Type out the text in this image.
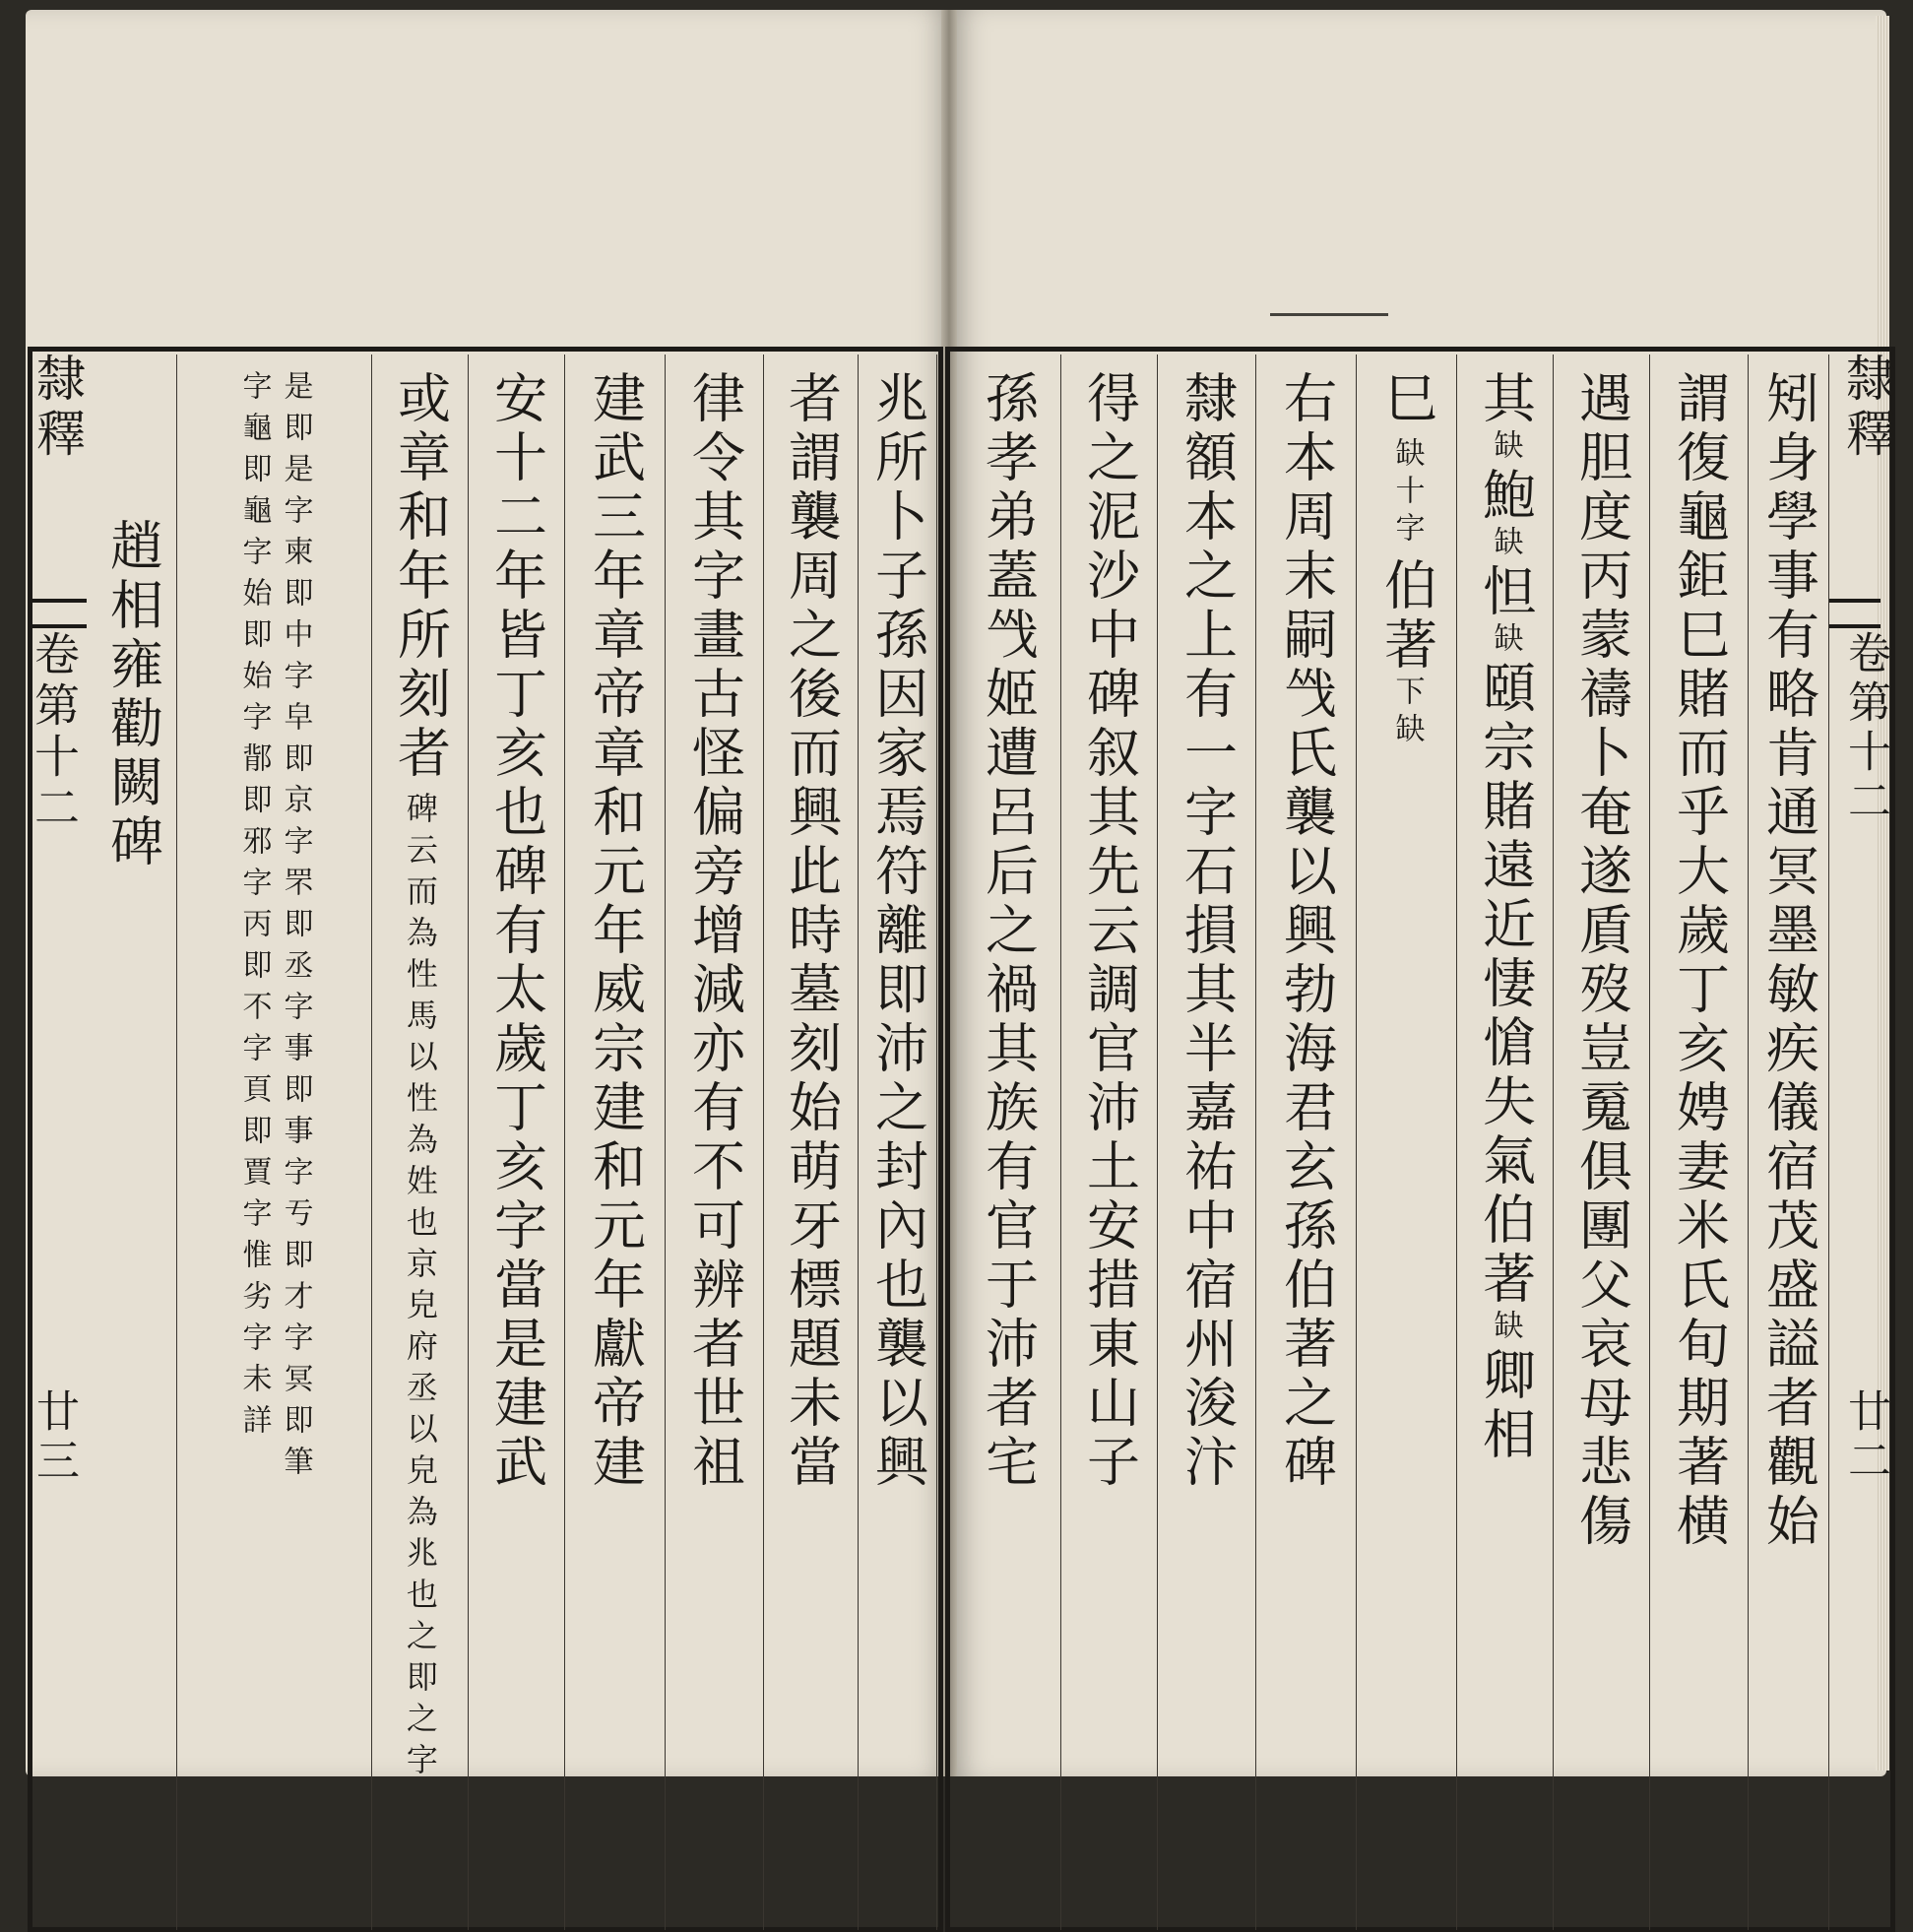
隸釋
卷第十二
廿三	兆所卜子孫因家焉符離即沛之封內也襲以興
者謂襲周之後而興此時墓刻始萌牙標題未當
律令其字畫古怪偏旁增減亦有不可辨者世祖
建武三年章帝章和元年威宗建和元年獻帝建
安十二年皆丁亥也碑有太歲丁亥字當是建武
或章和年所刻者
碑云而為性馬以性為姓也京皃府丞以皃為兆也之即之字
是即是字柬即中字皁即京字罘即丞字事即事字亐即才字冥即筆字龜即龜字始即始字鄁即邪字丙即不字頁即賈字惟劣字未詳
趙相雍勸闕碑
隸釋
卷第十二
廿二
矧身學事有略肯通冥墨敏疾儀宿茂盛謚者觀始
謂復龜鉅巳賭而乎大歲丁亥娉妻米氏旬期著横
遇胆度丙蒙禱卜奄遂貭歿豈䰟俱團父哀母悲傷
其
缺
鮑
缺
怛
缺
頤宗賭遠近悽愴失氣伯著
缺
卿相
巳
缺十字
伯著
下缺
右本周末嗣㦰氏襲以興勃海君玄孫伯著之碑
隸額本之上有一字石損其半嘉祐中宿州浚汴
得之泥沙中碑叙其先云調官沛土安措東山子
孫孝弟蓋㦰姬遭呂后之禍其族有官于沛者宅
